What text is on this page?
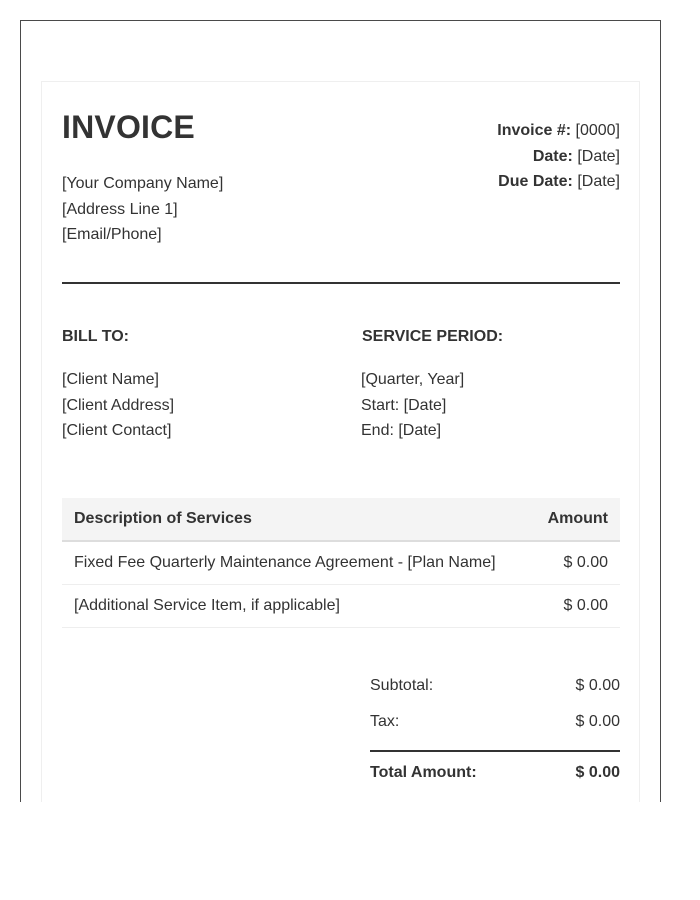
INVOICE
[Your Company Name]
[Address Line 1]
[Email/Phone]
Invoice #: [0000]
Date: [Date]
Due Date: [Date]
BILL TO:	SERVICE PERIOD:
[Client Name]
[Client Address]
[Client Contact]
[Quarter, Year]
Start: [Date]
End: [Date]
Description of Services	Amount
Fixed Fee Quarterly Maintenance Agreement - [Plan Name]	$ 0.00
[Additional Service Item, if applicable]	$ 0.00
Subtotal:	$ 0.00
Tax:	$ 0.00
Total Amount:	$ 0.00
